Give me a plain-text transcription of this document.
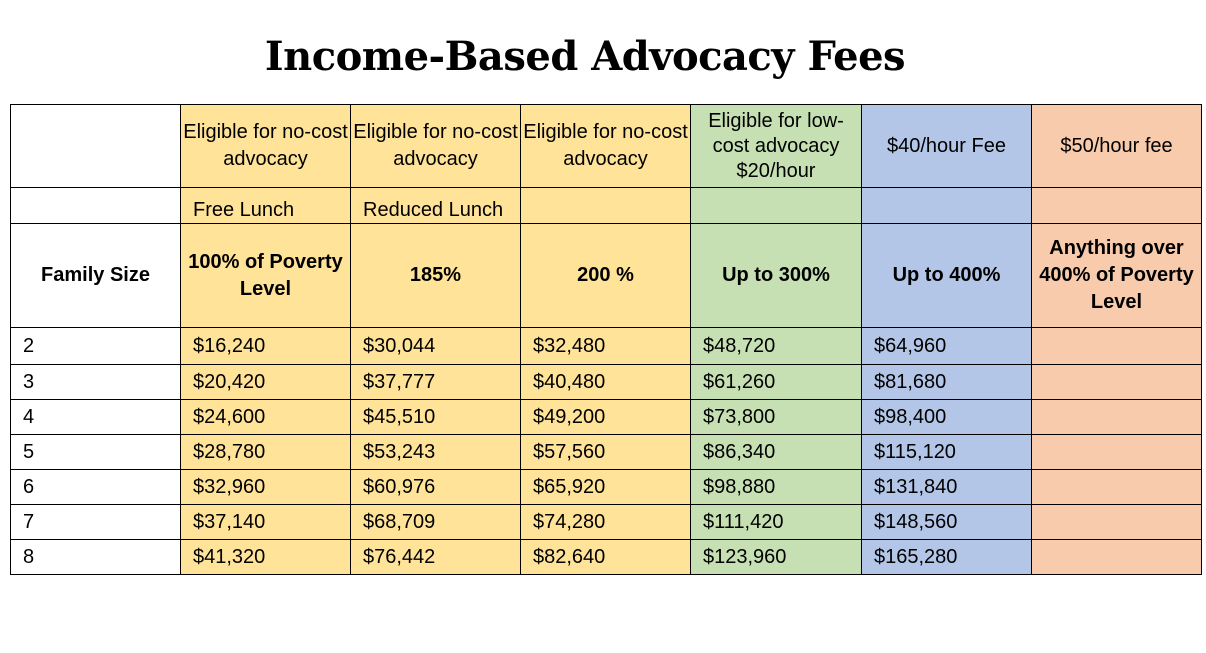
Income-Based Advocacy Fees
	Eligible for no-cost advocacy	Eligible for no-cost advocacy	Eligible for no-cost advocacy	Eligible for low-cost advocacy $20/hour	$40/hour Fee	$50/hour fee

	Free Lunch	Reduced Lunch				

Family Size	100% of Poverty Level	185%	200 %	Up to 300%	Up to 400%	Anything over 400% of Poverty Level
2	$16,240	$30,044	$32,480	$48,720	$64,960	
3	$20,420	$37,777	$40,480	$61,260	$81,680	
4	$24,600	$45,510	$49,200	$73,800	$98,400	
5	$28,780	$53,243	$57,560	$86,340	$115,120	
6	$32,960	$60,976	$65,920	$98,880	$131,840	
7	$37,140	$68,709	$74,280	$111,420	$148,560	
8	$41,320	$76,442	$82,640	$123,960	$165,280	
